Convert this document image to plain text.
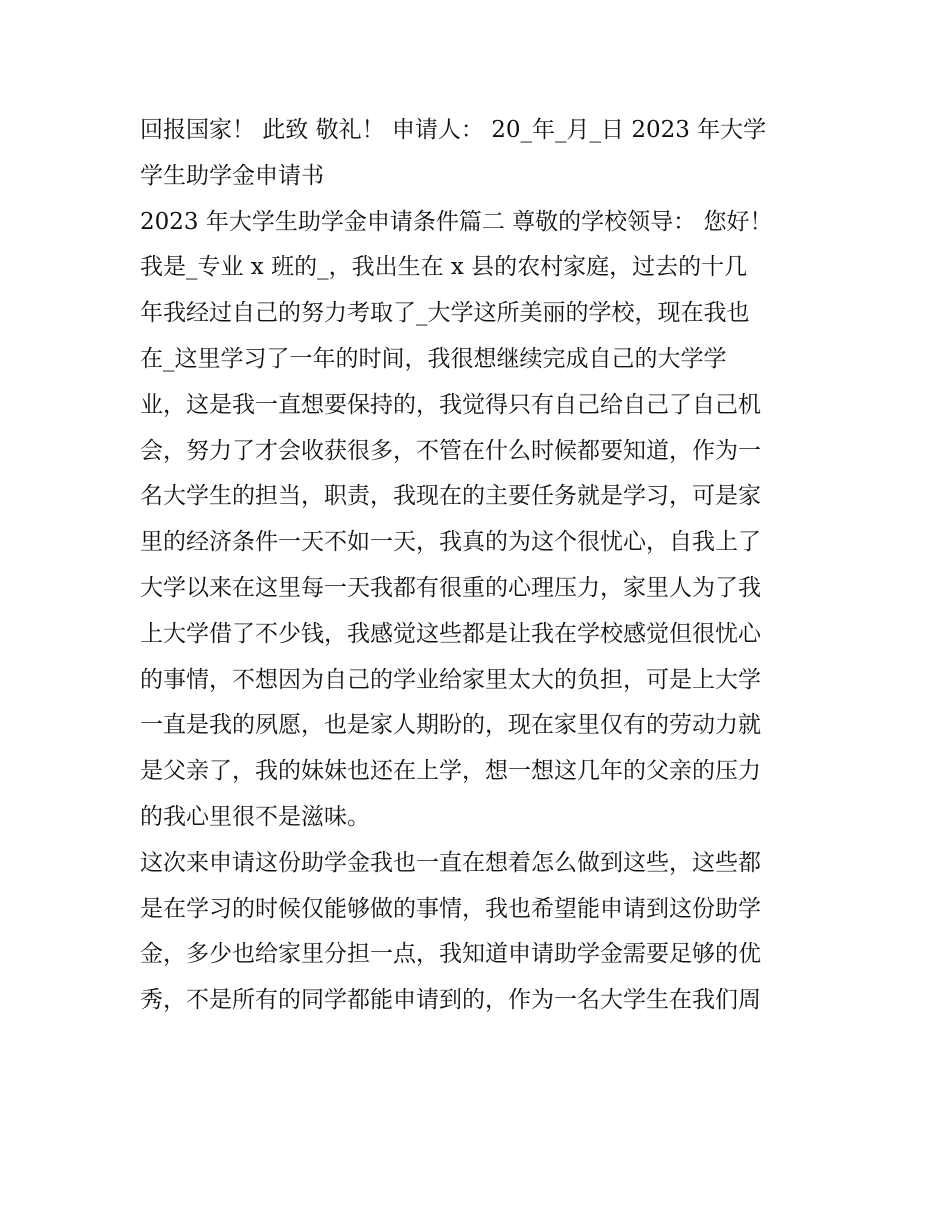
回报国家！ 此致 敬礼！ 申请人： 20_年_月_日 2023 年大学
学生助学金申请书
2023 年大学生助学金申请条件篇二 尊敬的学校领导： 您好！
我是_专业 x 班的_，我出生在 x 县的农村家庭，过去的十几
年我经过自己的努力考取了_大学这所美丽的学校，现在我也
在_这里学习了一年的时间，我很想继续完成自己的大学学
业，这是我一直想要保持的，我觉得只有自己给自己了自己机
会，努力了才会收获很多，不管在什么时候都要知道，作为一
名大学生的担当，职责，我现在的主要任务就是学习，可是家
里的经济条件一天不如一天，我真的为这个很忧心，自我上了
大学以来在这里每一天我都有很重的心理压力，家里人为了我
上大学借了不少钱，我感觉这些都是让我在学校感觉但很忧心
的事情，不想因为自己的学业给家里太大的负担，可是上大学
一直是我的夙愿，也是家人期盼的，现在家里仅有的劳动力就
是父亲了，我的妹妹也还在上学，想一想这几年的父亲的压力
的我心里很不是滋味。
这次来申请这份助学金我也一直在想着怎么做到这些，这些都
是在学习的时候仅能够做的事情，我也希望能申请到这份助学
金，多少也给家里分担一点，我知道申请助学金需要足够的优
秀，不是所有的同学都能申请到的，作为一名大学生在我们周
